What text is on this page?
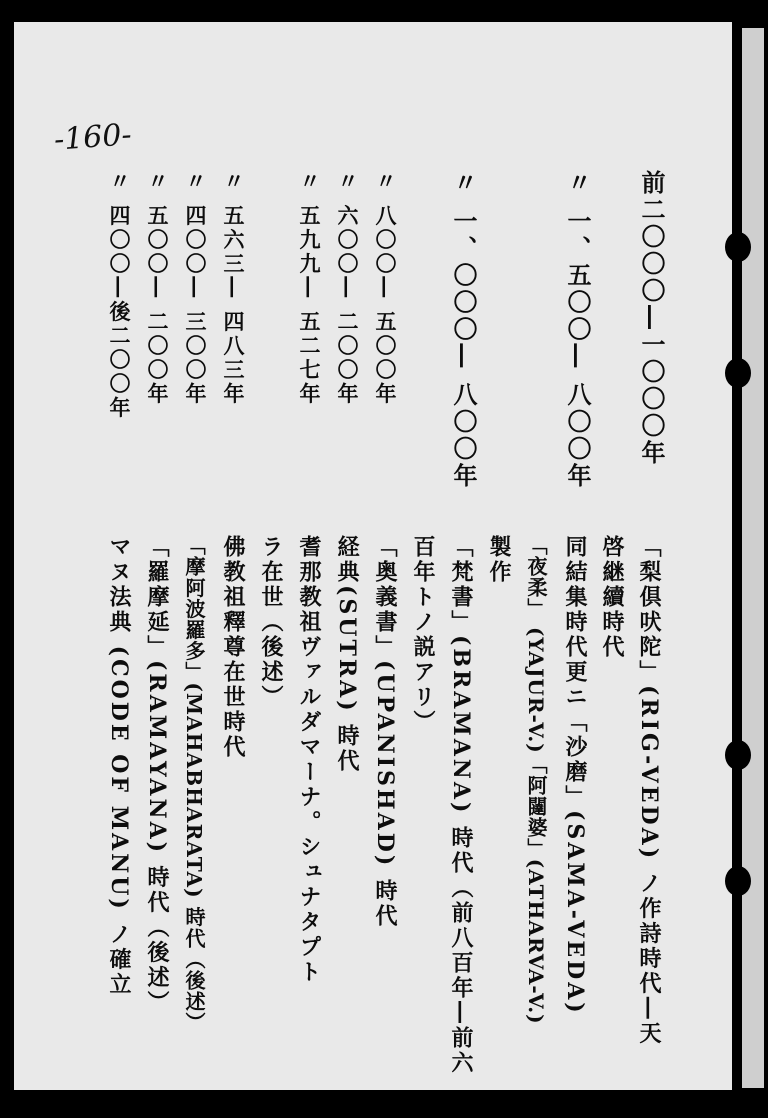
-160-
前二〇〇〇―一〇〇〇年
「梨倶吠陀」(RIG-VEDA) ノ作詩時代―天
啓継續時代
〃 一、五〇〇― 八〇〇年
同結集時代更ニ「沙磨」(SAMA-VEDA)
「夜柔」 (YAJUR-V.)「阿闥婆」(ATHARVA-V.)
製作
〃 一、〇〇〇― 八〇〇年
「梵書」(BRAMANA) 時代（前八百年―前六
百年トノ説アリ）
〃 八〇〇― 五〇〇年
「奥義書」(UPANISHAD) 時代
〃 六〇〇― 二〇〇年
経典(SUTRA) 時代
〃 五九九― 五二七年
耆那教祖ヴァルダマーナ。シュナタプト
ラ在世（後述）
〃 五六三― 四八三年
佛教祖釋尊在世時代
〃 四〇〇― 三〇〇年
「摩阿波羅多」(MAHABHARATA) 時代（後述）
〃 五〇〇― 二〇〇年
「羅摩延」(RAMAYANA) 時代（後述）
〃 四〇〇―後二〇〇年
マヌ法典 (CODE OF MANU) ノ確立
